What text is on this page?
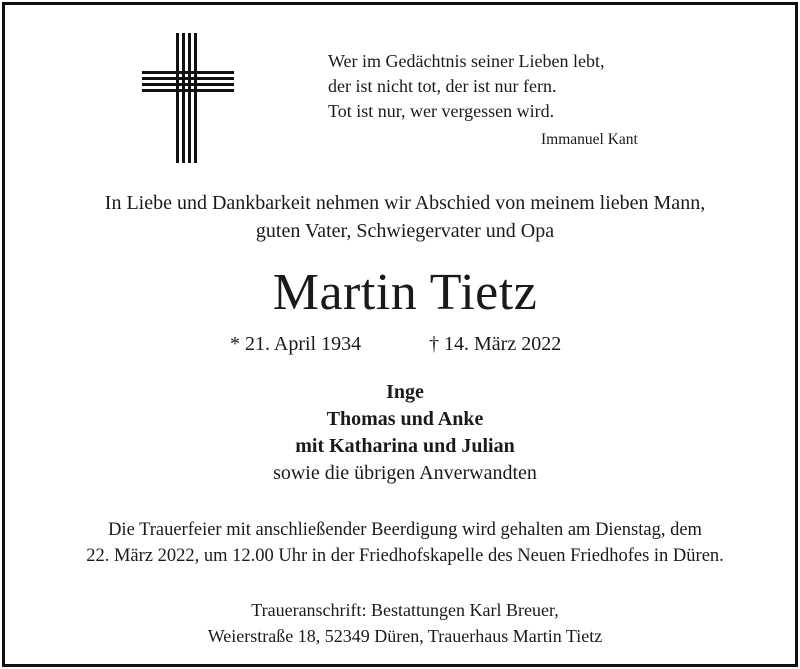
Wer im Gedächtnis seiner Lieben lebt,
der ist nicht tot, der ist nur fern.
Tot ist nur, wer vergessen wird.
Immanuel Kant
In Liebe und Dankbarkeit nehmen wir Abschied von meinem lieben Mann,
guten Vater, Schwiegervater und Opa
Martin Tietz
* 21. April 1934	† 14. März 2022
Inge
Thomas und Anke
mit Katharina und Julian
sowie die übrigen Anverwandten
Die Trauerfeier mit anschließender Beerdigung wird gehalten am Dienstag, dem
22. März 2022, um 12.00 Uhr in der Friedhofskapelle des Neuen Friedhofes in Düren.
Traueranschrift: Bestattungen Karl Breuer,
Weierstraße 18, 52349 Düren, Trauerhaus Martin Tietz
